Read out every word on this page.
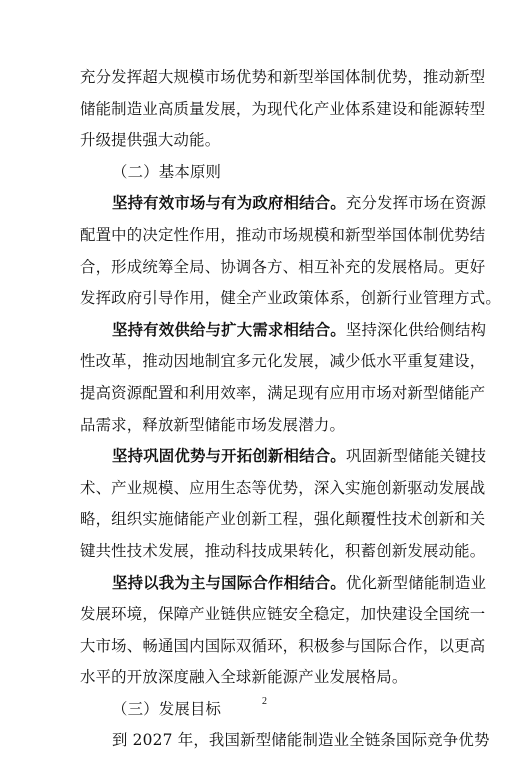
充分发挥超大规模市场优势和新型举国体制优势，推动新型
储能制造业高质量发展，为现代化产业体系建设和能源转型
升级提供强大动能。
（二）基本原则
坚持有效市场与有为政府相结合。充分发挥市场在资源
配置中的决定性作用，推动市场规模和新型举国体制优势结
合，形成统筹全局、协调各方、相互补充的发展格局。更好
发挥政府引导作用，健全产业政策体系，创新行业管理方式。
坚持有效供给与扩大需求相结合。坚持深化供给侧结构
性改革，推动因地制宜多元化发展，减少低水平重复建设，
提高资源配置和利用效率，满足现有应用市场对新型储能产
品需求，释放新型储能市场发展潜力。
坚持巩固优势与开拓创新相结合。巩固新型储能关键技
术、产业规模、应用生态等优势，深入实施创新驱动发展战
略，组织实施储能产业创新工程，强化颠覆性技术创新和关
键共性技术发展，推动科技成果转化，积蓄创新发展动能。
坚持以我为主与国际合作相结合。优化新型储能制造业
发展环境，保障产业链供应链安全稳定，加快建设全国统一
大市场、畅通国内国际双循环，积极参与国际合作，以更高
水平的开放深度融入全球新能源产业发展格局。
（三）发展目标
到 2027 年，我国新型储能制造业全链条国际竞争优势
2
